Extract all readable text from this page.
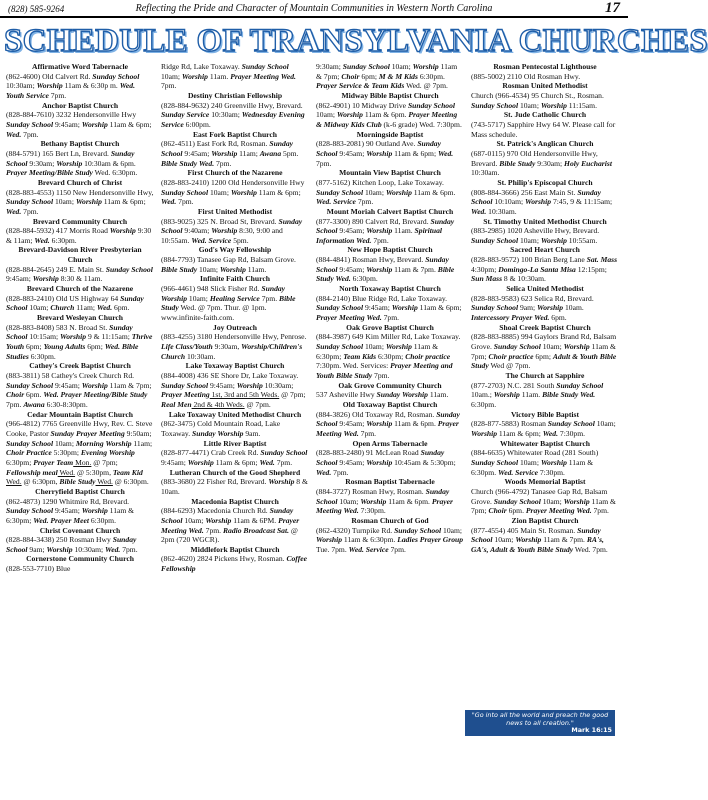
(828) 585-9264	Reflecting the Pride and Character of Mountain Communities in Western North Carolina	17
SCHEDULE OF TRANSYLVANIA CHURCHES
Affirmative Word Tabernacle
(862-4600) Old Calvert Rd. Sunday School 10:30am; Worship 11am & 6:30p m. Wed. Youth Service 7pm.
Anchor Baptist Church
(828-884-7610) 3232 Hendersonville Hwy Sunday School 9:45am; Worship 11am & 6pm; Wed. 7pm.
Bethany Baptist Church
(884-5791) 165 Bert Ln, Brevard. Sunday School 9:30am; Worship 10:30am & 6pm. Prayer Meeting/Bible Study Wed. 6:30pm.
Brevard Church of Christ
(828-883-4553) 1150 New Hendersonville Hwy, Sunday School 10am; Worship 11am & 6pm; Wed. 7pm.
Brevard Community Church
(828-884-5932) 417 Morris Road Worship 9:30 & 11am; Wed. 6:30pm.
Brevard-Davidson River Presbyterian Church
(828-884-2645) 249 E. Main St. Sunday School 9:45am; Worship 8:30 & 11am.
Brevard Church of the Nazarene
(828-883-2410) Old US Highway 64 Sunday School 10am; Church 11am; Wed. 6pm.
Brevard Wesleyan Church
(828-883-8408) 583 N. Broad St. Sunday School 10:15am; Worship 9 & 11:15am; Thrive Youth 6pm; Young Adults 6pm; Wed. Bible Studies 6:30pm.
Cathey's Creek Baptist Church
(883-3811) 58 Cathey's Creek Church Rd. Sunday School 9:45am; Worship 11am & 7pm; Choir 6pm. Wed. Prayer Meeting/Bible Study 7pm. Awana 6:30-8:30pm.
Cedar Mountain Baptist Church
(966-4812) 7765 Greenville Hwy, Rev. C. Steve Cooke, Pastor Sunday Prayer Meeting 9:50am; Sunday School 10am; Morning Worship 11am; Choir Practice 5:30pm; Evening Worship 6:30pm; Prayer Team Mon. @ 7pm; Fellowship meal Wed. @ 5:30pm, Team Kid Wed. @ 6:30pm, Bible Study Wed. @ 6:30pm.
Cherryfield Baptist Church
(862-4873) 1290 Whitmire Rd, Brevard. Sunday School 9:45am; Worship 11am & 6:30pm; Wed. Prayer Meet 6:30pm.
Christ Covenant Church
(828-884-3438) 250 Rosman Hwy Sunday School 9am; Worship 10:30am; Wed. 7pm.
Cornerstone Community Church
(828-553-7710) Blue
Ridge Rd, Lake Toxaway. Sunday School 10am; Worship 11am. Prayer Meeting Wed. 7pm.
Destiny Christian Fellowship
(828-884-9632) 240 Greenville Hwy, Brevard. Sunday Service 10:30am; Wednesday Evening Service 6:00pm.
East Fork Baptist Church
(862-4511) East Fork Rd, Rosman. Sunday School 9:45am; Worship 11am; Awana 5pm. Bible Study Wed. 7pm.
First Church of the Nazarene
(828-883-2410) 1200 Old Hendersonville Hwy Sunday School 10am; Worship 11am & 6pm; Wed. 7pm.
First United Methodist
(883-9025) 325 N. Broad St, Brevard. Sunday School 9:40am; Worship 8:30, 9:00 and 10:55am. Wed. Service 5pm.
God's Way Fellowship
(884-7793) Tanasee Gap Rd, Balsam Grove. Bible Study 10am; Worship 11am.
Infinite Faith Church
(966-4461) 948 Slick Fisher Rd. Sunday Worship 10am; Healing Service 7pm. Bible Study Wed. @ 7pm. Thur. @ 1pm. www.infinite-faith.com.
Joy Outreach
(883-4255) 3180 Hendersonville Hwy, Penrose. Life Class/Youth 9:30am, Worship/Children's Church 10:30am.
Lake Toxaway Baptist Church
(884-4008) 436 SE Shore Dr, Lake Toxaway. Sunday School 9:45am; Worship 10:30am; Prayer Meeting 1st, 3rd and 5th Weds. @ 7pm; Real Men 2nd & 4th Weds. @ 7pm.
Lake Toxaway United Methodist Church
(862-3475) Cold Mountain Road, Lake Toxaway. Sunday Worship 9am.
Little River Baptist
(828-877-4471) Crab Creek Rd. Sunday School 9:45am; Worship 11am & 6pm; Wed. 7pm.
Lutheran Church of the Good Shepherd
(883-3680) 22 Fisher Rd, Brevard. Worship 8 & 10am.
Macedonia Baptist Church
(884-6293) Macedonia Church Rd. Sunday School 10am; Worship 11am & 6PM. Prayer Meeting Wed. 7pm. Radio Broadcast Sat. @ 2pm (720 WGCR).
Middlefork Baptist Church
(862-4620) 2824 Pickens Hwy, Rosman. Coffee Fellowship
9:30am; Sunday School 10am; Worship 11am & 7pm; Choir 6pm; M & M Kids 6:30pm. Prayer Service & Team Kids Wed. @ 7pm.
Midway Bible Baptist Church
(862-4901) 10 Midway Drive Sunday School 10am; Worship 11am & 6pm. Prayer Meeting & Midway Kids Club (k-6 grade) Wed. 7:30pm.
Morningside Baptist
(828-883-2081) 90 Outland Ave. Sunday School 9:45am; Worship 11am & 6pm; Wed. 7pm.
Mountain View Baptist Church
(877-5162) Kitchen Loop, Lake Toxaway. Sunday School 10am; Worship 11am & 6pm. Wed. Service 7pm.
Mount Moriah Calvert Baptist Church
(877-3300) 890 Calvert Rd, Brevard. Sunday School 9:45am; Worship 11am. Spiritual Information Wed. 7pm.
New Hope Baptist Church
(884-4841) Rosman Hwy, Brevard. Sunday School 9:45am; Worship 11am & 7pm. Bible Study Wed. 6:30pm.
North Toxaway Baptist Church
(884-2140) Blue Ridge Rd, Lake Toxaway. Sunday School 9:45am; Worship 11am & 6pm; Prayer Meeting Wed. 7pm.
Oak Grove Baptist Church
(884-3987) 649 Kim Miller Rd, Lake Toxaway. Sunday School 10am; Worship 11am & 6:30pm; Team Kids 6:30pm; Choir practice 7:30pm. Wed. Services: Prayer Meeting and Youth Bible Study 7pm.
Oak Grove Community Church
537 Asheville Hwy Sunday Worship 11am.
Old Toxaway Baptist Church
(884-3826) Old Toxaway Rd, Rosman. Sunday School 9:45am; Worship 11am & 6pm. Prayer Meeting Wed. 7pm.
Open Arms Tabernacle
(828-883-2480) 91 McLean Road Sunday School 9:45am; Worship 10:45am & 5:30pm; Wed. 7pm.
Rosman Baptist Tabernacle
(884-3727) Rosman Hwy, Rosman. Sunday School 10am; Worship 11am & 6pm. Prayer Meeting Wed. 7:30pm.
Rosman Church of God
(862-4320) Turnpike Rd. Sunday School 10am; Worship 11am & 6:30pm. Ladies Prayer Group Tue. 7pm. Wed. Service 7pm.
Rosman Pentecostal Lighthouse
(885-5002) 2110 Old Rosman Hwy.
Rosman United Methodist
Church (966-4534) 95 Church St., Rosman. Sunday School 10am; Worship 11:15am.
St. Jude Catholic Church
(743-5717) Sapphire Hwy 64 W. Please call for Mass schedule.
St. Patrick's Anglican Church
(687-0115) 970 Old Hendersonville Hwy, Brevard. Bible Study 9:30am; Holy Eucharist 10:30am.
St. Philip's Episcopal Church
(808-884-3666) 256 East Main St. Sunday School 10:10am; Worship 7:45, 9 & 11:15am; Wed. 10:30am.
St. Timothy United Methodist Church
(883-2985) 1020 Asheville Hwy, Brevard. Sunday School 10am; Worship 10:55am.
Sacred Heart Church
(828-883-9572) 100 Brian Berg Lane Sat. Mass 4:30pm; Domingo-La Santa Misa 12:15pm; Sun Mass 8 & 10:30am.
Selica United Methodist
(828-883-9583) 623 Selica Rd, Brevard. Sunday School 9am; Worship 10am. Intercessory Prayer Wed. 6pm.
Shoal Creek Baptist Church
(828-883-8885) 994 Gaylors Brand Rd, Balsam Grove. Sunday School 10am; Worship 11am & 7pm; Choir practice 6pm; Adult & Youth Bible Study Wed @ 7pm.
The Church at Sapphire
(877-2703) N.C. 281 South Sunday School 10am.; Worship 11am. Bible Study Wed. 6:30pm.
Victory Bible Baptist
(828-877-5883) Rosman Sunday School 10am; Worship 11am & 6pm; Wed. 7:30pm.
Whitewater Baptist Church
(884-6635) Whitewater Road (281 South) Sunday School 10am; Worship 11am & 6:30pm. Wed. Service 7:30pm.
Woods Memorial Baptist
Church (966-4792) Tanasee Gap Rd, Balsam Grove. Sunday School 10am; Worship 11am & 7pm; Choir 6pm. Prayer Meeting Wed. 7pm.
Zion Baptist Church
(877-4554) 405 Main St. Rosman. Sunday School 10am; Worship 11am & 7pm. RA's, GA's, Adult & Youth Bible Study Wed. 7pm.
"Go into all the world and preach the good news to all creation."
Mark 16:15
